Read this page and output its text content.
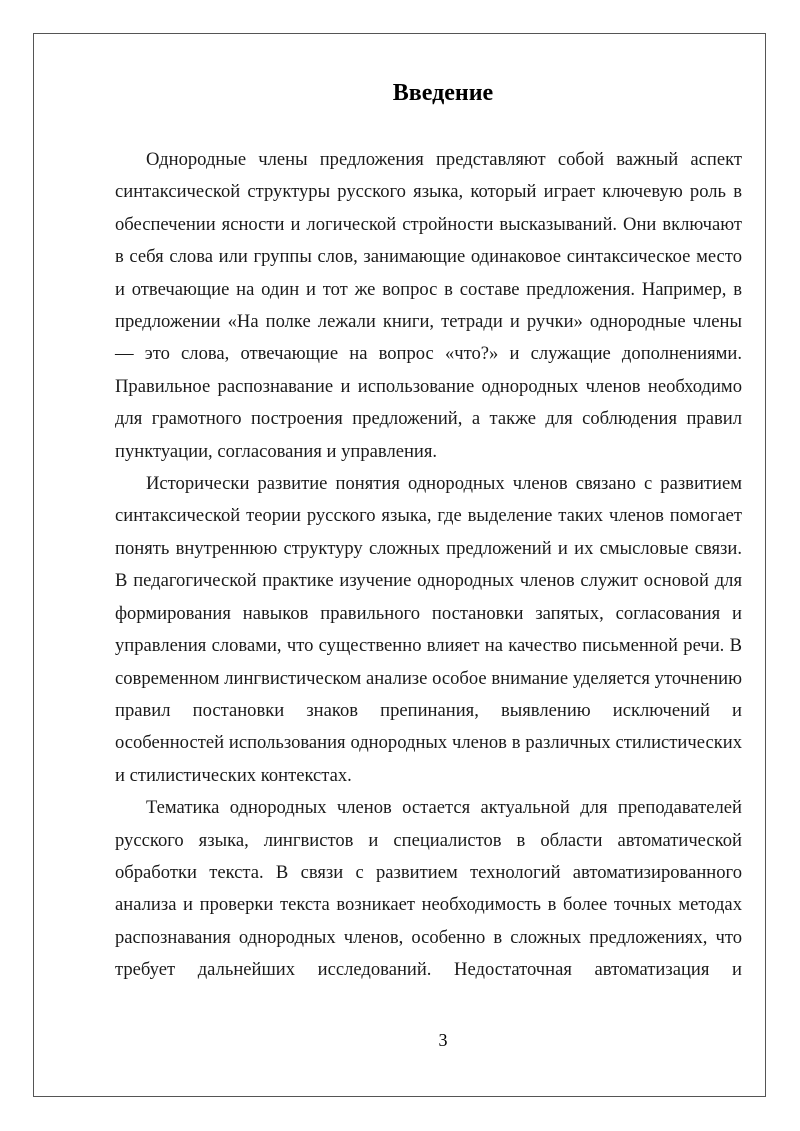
Введение

Однородные члены предложения представляют собой важный аспект синтаксической структуры русского языка, который играет ключевую роль в обеспечении ясности и логической стройности высказываний. Они включают в себя слова или группы слов, занимающие одинаковое синтаксическое место и отвечающие на один и тот же вопрос в составе предложения. Например, в предложении «На полке лежали книги, тетради и ручки» однородные члены — это слова, отвечающие на вопрос «что?» и служащие дополнениями. Правильное распознавание и использование однородных членов необходимо для грамотного построения предложений, а также для соблюдения правил пунктуации, согласования и управления.

Исторически развитие понятия однородных членов связано с развитием синтаксической теории русского языка, где выделение таких членов помогает понять внутреннюю структуру сложных предложений и их смысловые связи. В педагогической практике изучение однородных членов служит основой для формирования навыков правильного постановки запятых, согласования и управления словами, что существенно влияет на качество письменной речи. В современном лингвистическом анализе особое внимание уделяется уточнению правил постановки знаков препинания, выявлению исключений и особенностей использования однородных членов в различных стилистических и стилистических контекстах.

Тематика однородных членов остается актуальной для преподавателей русского языка, лингвистов и специалистов в области автоматической обработки текста. В связи с развитием технологий автоматизированного анализа и проверки текста возникает необходимость в более точных методах распознавания однородных членов, особенно в сложных предложениях, что требует дальнейших исследований. Недостаточная автоматизация и

3
